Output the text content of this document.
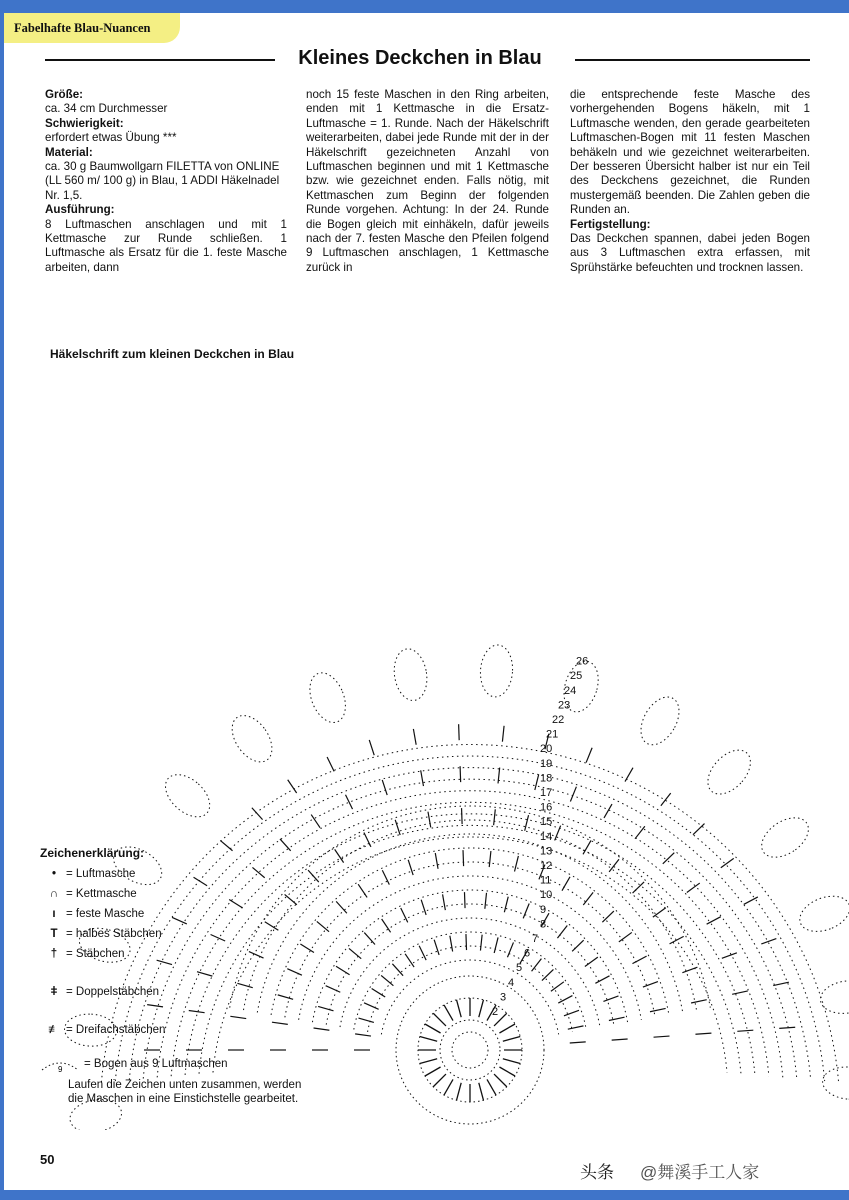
Fabelhafte Blau-Nuancen
Kleines Deckchen in Blau

Größe:

ca. 34 cm Durchmesser

Schwierigkeit:

erfordert etwas Übung ***

Material:

ca. 30 g Baumwollgarn FILETTA von ONLINE (LL 560 m/ 100 g) in Blau, 1 ADDI Häkelnadel Nr. 1,5.

Ausführung:

8 Luftmaschen anschlagen und mit 1 Kettmasche zur Runde schließen. 1 Luftmasche als Ersatz für die 1. feste Masche arbeiten, dann

noch 15 feste Maschen in den Ring arbeiten, enden mit 1 Kettmasche in die Ersatz-Luftmasche = 1. Runde. Nach der Häkelschrift weiterarbeiten, dabei jede Runde mit der in der Häkelschrift gezeichneten Anzahl von Luftmaschen beginnen und mit 1 Kettmasche bzw. wie gezeichnet enden. Falls nötig, mit Kettmaschen zum Beginn der folgenden Runde vorgehen. Achtung: In der 24. Runde die Bogen gleich mit einhäkeln, dafür jeweils nach der 7. festen Masche den Pfeilen folgend 9 Luftmaschen anschlagen, 1 Kettmasche zurück in

die entsprechende feste Masche des vorhergehenden Bogens häkeln, mit 1 Luftmasche wenden, den gerade gearbeiteten Luftmaschen-Bogen mit 11 festen Maschen behäkeln und wie gezeichnet weiterarbeiten. Der besseren Übersicht halber ist nur ein Teil des Deckchens gezeichnet, die Runden mustergemäß beenden. Die Zahlen geben die Runden an.

Fertigstellung:

Das Deckchen spannen, dabei jeden Bogen aus 3 Luftmaschen extra erfassen, mit Sprühstärke befeuchten und trocknen lassen.

Häkelschrift zum kleinen Deckchen in Blau
2
3
4
5
6
7
8
9
10
11
12
13
14
15
16
17
18
19
20
21
22
23
24
25
26
Zeichenerklärung:
• = Luftmasche
∩ = Kettmasche
ı = feste Masche
T = halbes Stäbchen
† = Stäbchen
ǂ = Doppelstäbchen
≢ = Dreifachstäbchen
9 = Bogen aus 9 Luftmaschen
Laufen die Zeichen unten zusammen, werden die Maschen in eine Einstichstelle gearbeitet.
50
头条 @舞溪手工人家
